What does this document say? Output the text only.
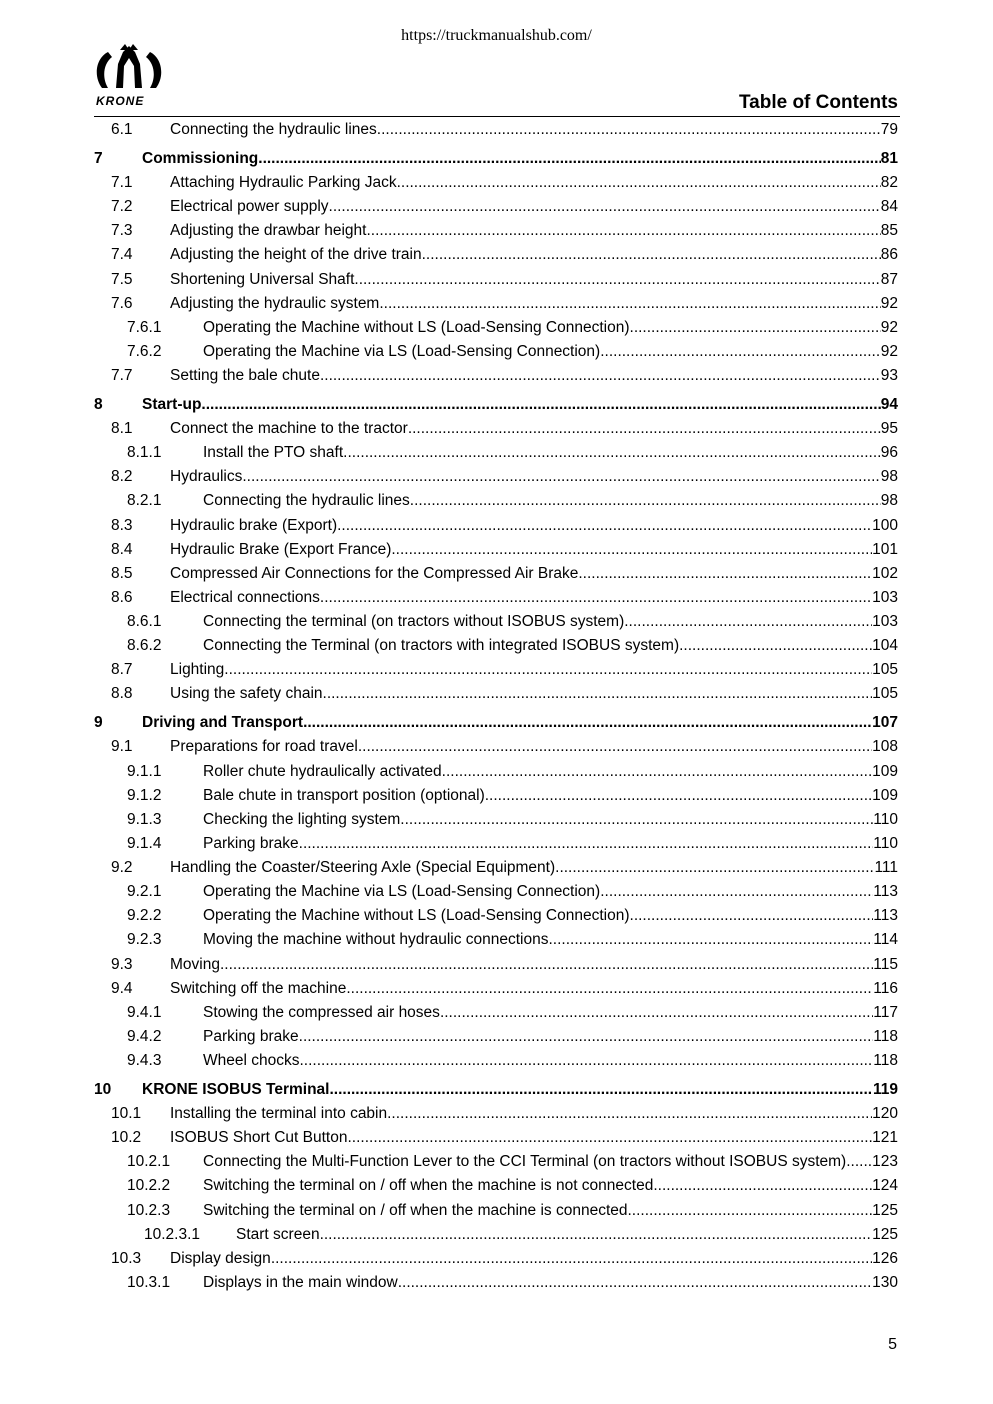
https://truckmanualshub.com/
KRONE	Table of Contents
6.1	Connecting the hydraulic lines .....	79
7	Commissioning .....	81
7.1	Attaching Hydraulic Parking Jack .....	82
7.2	Electrical power supply .....	84
7.3	Adjusting the drawbar height .....	85
7.4	Adjusting the height of the drive train .....	86
7.5	Shortening Universal Shaft .....	87
7.6	Adjusting the hydraulic system .....	92
7.6.1	Operating the Machine without LS (Load-Sensing Connection) .....	92
7.6.2	Operating the Machine via LS (Load-Sensing Connection) .....	92
7.7	Setting the bale chute .....	93
8	Start-up .....	94
8.1	Connect the machine to the tractor .....	95
8.1.1	Install the PTO shaft .....	96
8.2	Hydraulics .....	98
8.2.1	Connecting the hydraulic lines .....	98
8.3	Hydraulic brake (Export) .....	100
8.4	Hydraulic Brake (Export France) .....	101
8.5	Compressed Air Connections for the Compressed Air Brake .....	102
8.6	Electrical connections .....	103
8.6.1	Connecting the terminal (on tractors without ISOBUS system) .....	103
8.6.2	Connecting the Terminal (on tractors with integrated ISOBUS system) .....	104
8.7	Lighting .....	105
8.8	Using the safety chain .....	105
9	Driving and Transport .....	107
9.1	Preparations for road travel .....	108
9.1.1	Roller chute hydraulically activated .....	109
9.1.2	Bale chute in transport position (optional) .....	109
9.1.3	Checking the lighting system .....	110
9.1.4	Parking brake .....	110
9.2	Handling the Coaster/Steering Axle (Special Equipment) .....	111
9.2.1	Operating the Machine via LS (Load-Sensing Connection) .....	113
9.2.2	Operating the Machine without LS (Load-Sensing Connection) .....	113
9.2.3	Moving the machine without hydraulic connections .....	114
9.3	Moving .....	115
9.4	Switching off the machine .....	116
9.4.1	Stowing the compressed air hoses .....	117
9.4.2	Parking brake .....	118
9.4.3	Wheel chocks .....	118
10	KRONE ISOBUS Terminal .....	119
10.1	Installing the terminal into cabin .....	120
10.2	ISOBUS Short Cut Button .....	121
10.2.1	Connecting the Multi-Function Lever to the CCI Terminal (on tractors without ISOBUS system) ..... 123
10.2.2	Switching the terminal on / off when the machine is not connected .....	124
10.2.3	Switching the terminal on / off when the machine is connected .....	125
10.2.3.1	Start screen .....	125
10.3	Display design .....	126
10.3.1	Displays in the main window .....	130
5
